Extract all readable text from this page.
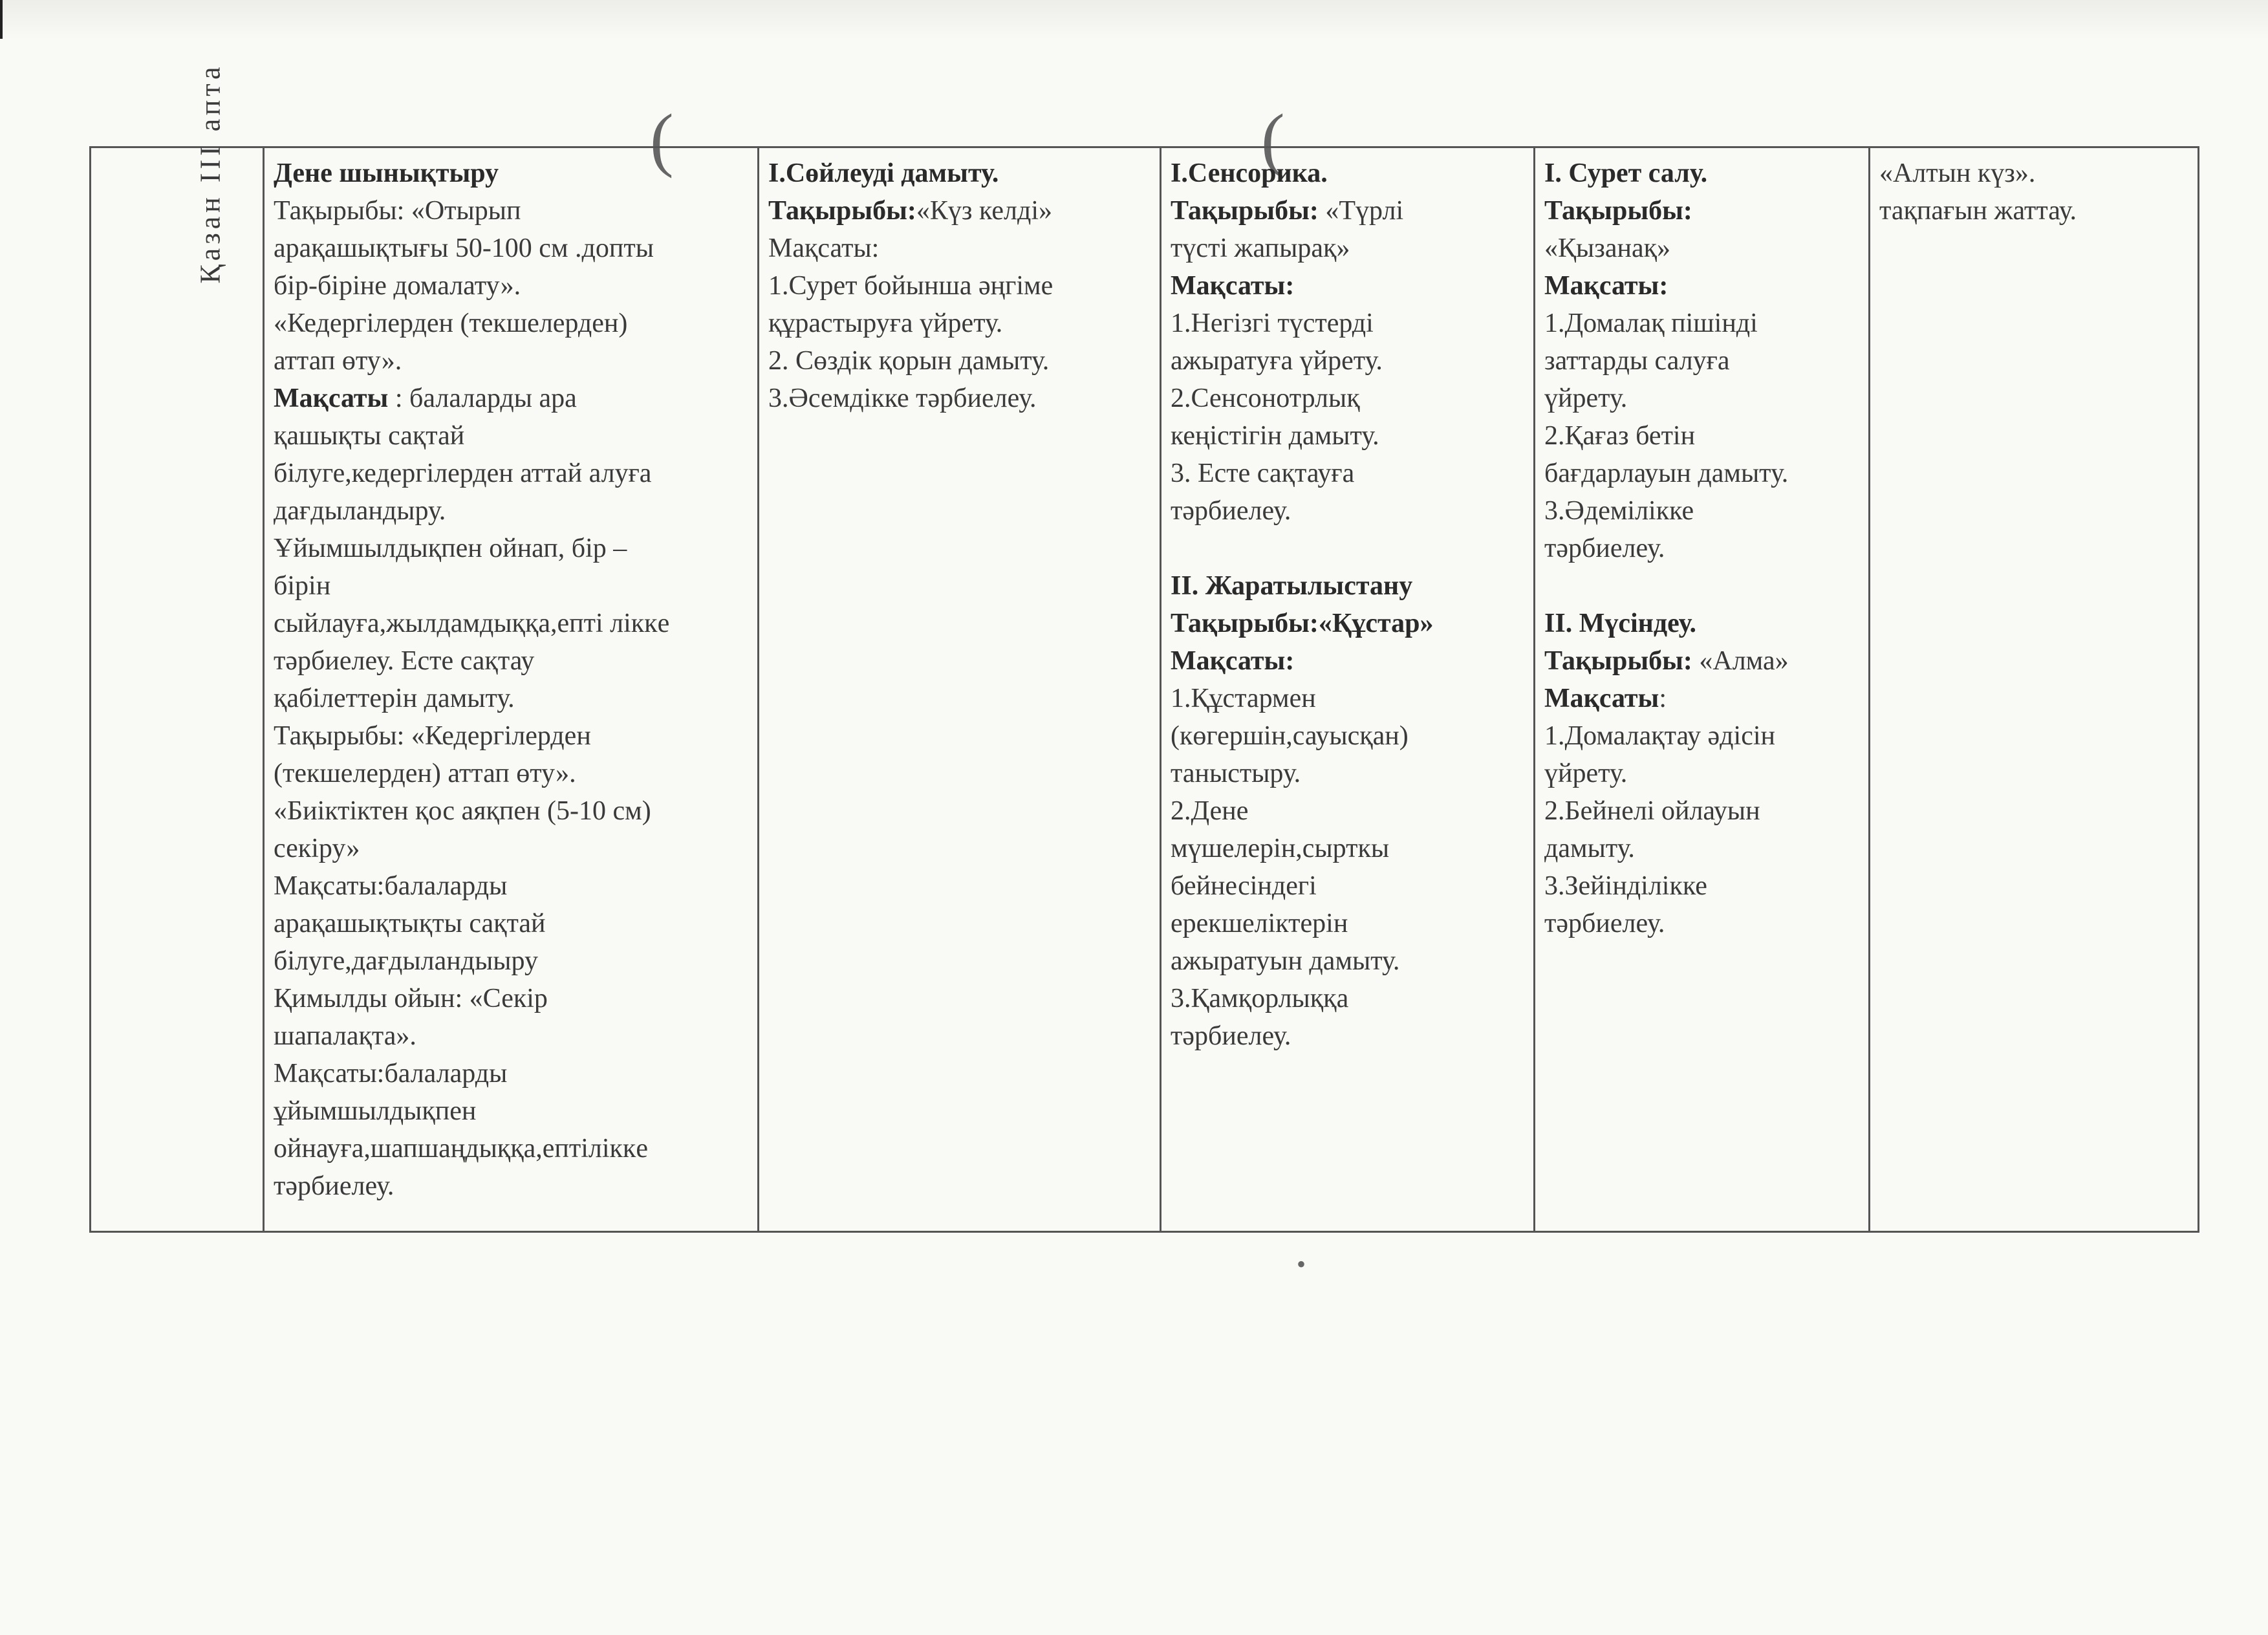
(	(
•
Қазан ІІІ апта	Дене шынықтыру
Тақырыбы: «Отырып
арақашықтығы 50-100 см .допты
бір-біріне домалату».
«Кедергілерден (текшелерден)
аттап өту».
Мақсаты : балаларды ара
қашықты сақтай
білуге,кедергілерден аттай алуға
дағдыландыру.
Ұйымшылдықпен ойнап, бір –
бірін
сыйлауға,жылдамдыққа,епті ліккe
тәрбиелеу. Есте сақтау
қабілеттерін дамыту.
Тақырыбы: «Кедергілерден
(текшелерден) аттап өту».
«Биіктіктен қос аяқпен (5-10 см)
секіру»
Мақсаты:балаларды
арақашықтықты сақтай
білуге,дағдыландыыру
Қимылды ойын: «Секір
шапалақта».
Мақсаты:балаларды
ұйымшылдықпен
ойнауға,шапшаңдыққа,ептіліккe
тәрбиелеу.

І.Сөйлеуді дамыту.
Тақырыбы:«Күз келді»
Мақсаты:
1.Сурет бойынша әңгіме
құрастыруға үйрету.
2. Сөздік қорын дамыту.
3.Әсемдікке тәрбиелеу.

І.Сенсорика.
Тақырыбы: «Түрлі
түсті жапырақ»
Мақсаты:
1.Негізгі түстерді
ажыратуға үйрету.
2.Сенсонотрлық
кеңістігін дамыту.
3. Есте сақтауға
тәрбиелеу.
ІІ. Жаратылыстану
Тақырыбы:«Құстар»
Мақсаты:
1.Құстармен
(көгершін,сауысқан)
таныстыру.
2.Дене
мүшелерін,сырткы
бейнесіндегі
ерекшеліктерін
ажыратуын дамыту.
3.Қамқорлыққа
тәрбиелеу.

І. Сурет салу.
Тақырыбы:
«Қызанақ»
Мақсаты:
1.Домалақ пішінді
заттарды салуға
үйрету.
2.Қағаз бетін
бағдарлауын дамыту.
3.Әдемілікке
тәрбиелеу.
ІІ. Мүсіндеу.
Тақырыбы: «Алма»
Мақсаты:
1.Домалақтау әдісін
үйрету.
2.Бейнелі ойлауын
дамыту.
3.Зейінділікке
тәрбиелеу.

«Алтын күз».
тақпағын жаттау.
